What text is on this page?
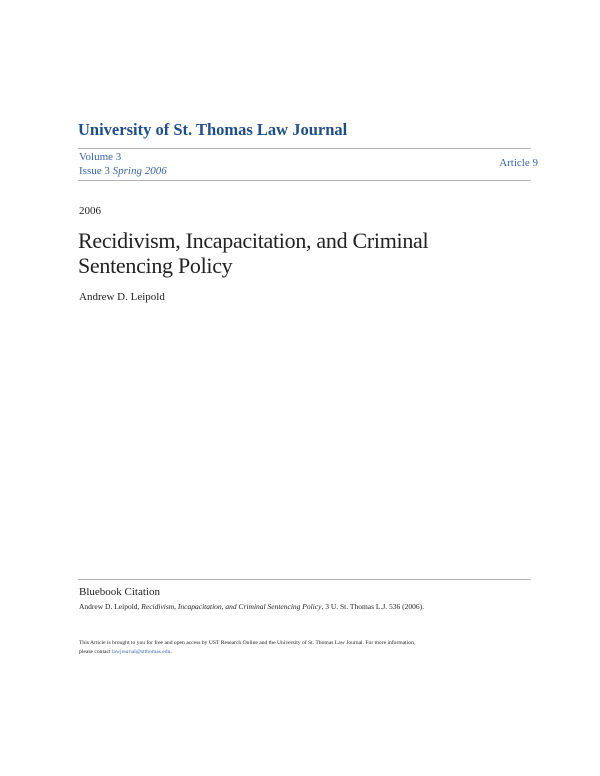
University of St. Thomas Law Journal
Volume 3
Issue 3 Spring 2006
Article 9
2006
Recidivism, Incapacitation, and Criminal
Sentencing Policy
Andrew D. Leipold
Bluebook Citation
Andrew D. Leipold, Recidivism, Incapacitation, and Criminal Sentencing Policy, 3 U. St. Thomas L.J. 536 (2006).
This Article is brought to you for free and open access by UST Research Online and the University of St. Thomas Law Journal. For more information,
please contact lawjournal@stthomas.edu.
